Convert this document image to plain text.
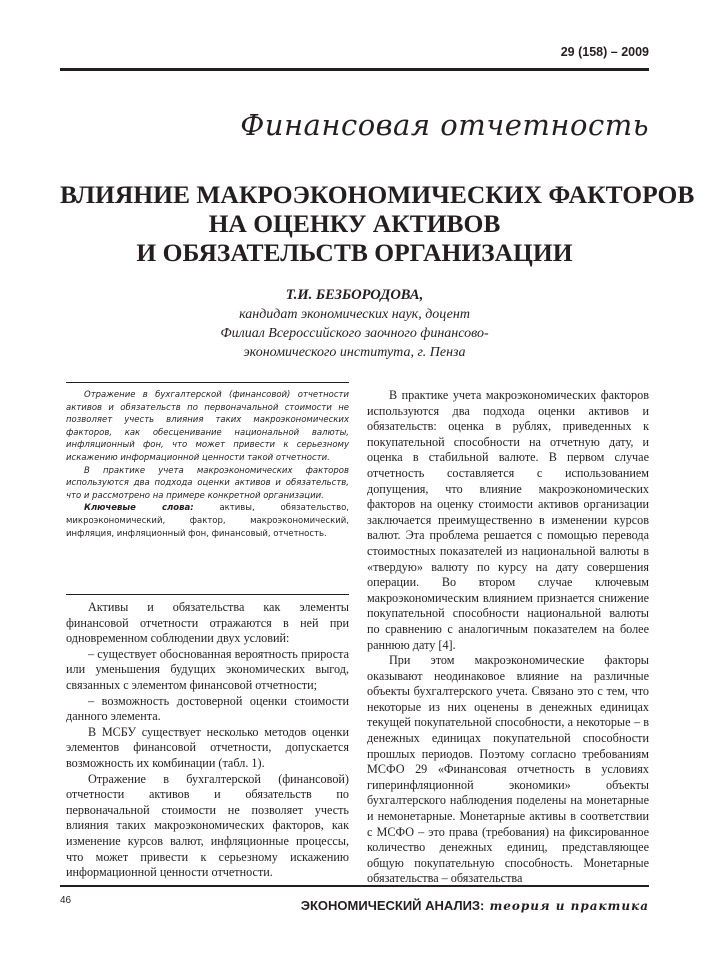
29 (158) – 2009
Финансовая отчетность
ВЛИЯНИЕ МАКРОЭКОНОМИЧЕСКИХ ФАКТОРОВ
НА ОЦЕНКУ АКТИВОВ
И ОБЯЗАТЕЛЬСТВ ОРГАНИЗАЦИИ
Т.И. БЕЗБОРОДОВА,
кандидат экономических наук, доцент
Филиал Всероссийского заочного финансово-
экономического института, г. Пенза

Отражение в бухгалтерской (финансовой) отчетности активов и обязательств по первоначальной стоимости не позволяет учесть влияния таких макроэкономических факторов, как обесценивание национальной валюты, инфляционный фон, что может привести к серьезному искажению информационной ценности такой отчетности.

В практике учета макроэкономических факторов используются два подхода оценки активов и обязательств, что и рассмотрено на примере конкретной организации.

Ключевые слова: активы, обязательство, микроэкономический, фактор, макроэкономический, инфляция, инфляционный фон, финансовый, отчетность.

Активы и обязательства как элементы финансовой отчетности отражаются в ней при одновременном соблюдении двух условий:

– существует обоснованная вероятность прироста или уменьшения будущих экономических выгод, связанных с элементом финансовой отчетности;

– возможность достоверной оценки стоимости данного элемента.

В МСБУ существует несколько методов оценки элементов финансовой отчетности, допускается возможность их комбинации (табл. 1).

Отражение в бухгалтерской (финансовой) отчетности активов и обязательств по первоначальной стоимости не позволяет учесть влияния таких макроэкономических факторов, как изменение курсов валют, инфляционные процессы, что может привести к серьезному искажению информационной ценности отчетности.

В практике учета макроэкономических факторов используются два подхода оценки активов и обязательств: оценка в рублях, приведенных к покупательной способности на отчетную дату, и оценка в стабильной валюте. В первом случае отчетность составляется с использованием допущения, что влияние макроэкономических факторов на оценку стоимости активов организации заключается преимущественно в изменении курсов валют. Эта проблема решается с помощью перевода стоимостных показателей из национальной валюты в «твердую» валюту по курсу на дату совершения операции. Во втором случае ключевым макроэкономическим влиянием признается снижение покупательной способности национальной валюты по сравнению с аналогичным показателем на более раннюю дату [4].

При этом макроэкономические факторы оказывают неодинаковое влияние на различные объекты бухгалтерского учета. Связано это с тем, что некоторые из них оценены в денежных единицах текущей покупательной способности, а некоторые – в денежных единицах покупательной способности прошлых периодов. Поэтому согласно требованиям МСФО 29 «Финансовая отчетность в условиях гиперинфляционной экономики» объекты бухгалтерского наблюдения поделены на монетарные и немонетарные. Монетарные активы в соответствии с МСФО – это права (требования) на фиксированное количество денежных единиц, представляющее общую покупательную способность. Монетарные обязательства – обязательства

46	ЭКОНОМИЧЕСКИЙ АНАЛИЗ: теория и практика
